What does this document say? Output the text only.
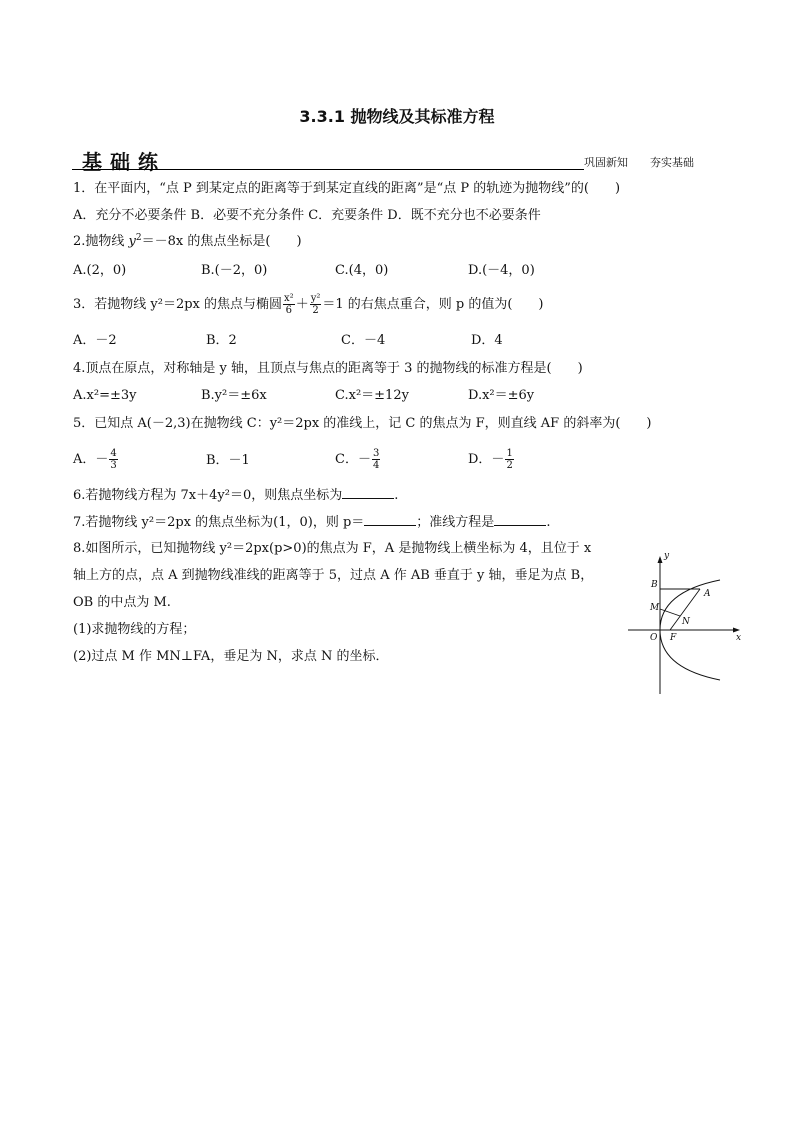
3.3.1 抛物线及其标准方程
基础练	巩固新知　　夯实基础
1．在平面内，“点 P 到某定点的距离等于到某定直线的距离”是“点 P 的轨迹为抛物线”的(　　)
A．充分不必要条件 B．必要不充分条件 C．充要条件 D．既不充分也不必要条件
2.抛物线 $y^2=-8x$ 的焦点坐标是(　　)
A.(2，0)	B.(－2，0)	C.(4，0)	D.(－4，0)
3．若抛物线 y²＝2px 的焦点与椭圆 $\frac{\text{x²}}{6} + \frac{\text{y²}}{2} =1$ 的右焦点重合，则 p 的值为(　　)
A．－2	B．2	C．－4	D．4
4.顶点在原点，对称轴是 y 轴，且顶点与焦点的距离等于 3 的抛物线的标准方程是(　　)
A.x²=±3y	B.y²＝±6x	C.x²＝±12y	D.x²＝±6y
5．已知点 A(－2,3)在抛物线 C：y²＝2px 的准线上，记 C 的焦点为 F，则直线 AF 的斜率为(　　)
A．－ $\frac{4}{3}$	B．－1	C．－ $\frac{3}{4}$	D．－ $\frac{1}{2}$
6.若抛物线方程为 7x＋4y²＝0，则焦点坐标为	.
7.若抛物线 y²＝2px 的焦点坐标为(1，0)，则 p＝	；准线方程是	.
8.如图所示，已知抛物线 y²＝2px(p>0)的焦点为 F，A 是抛物线上横坐标为 4，且位于 x
轴上方的点，点 A 到抛物线准线的距离等于 5，过点 A 作 AB 垂直于 y 轴，垂足为点 B，
OB 的中点为 M.
(1)求抛物线的方程；
(2)过点 M 作 MN⊥FA，垂足为 N，求点 N 的坐标．
y
x
B
A
M
N
O F
